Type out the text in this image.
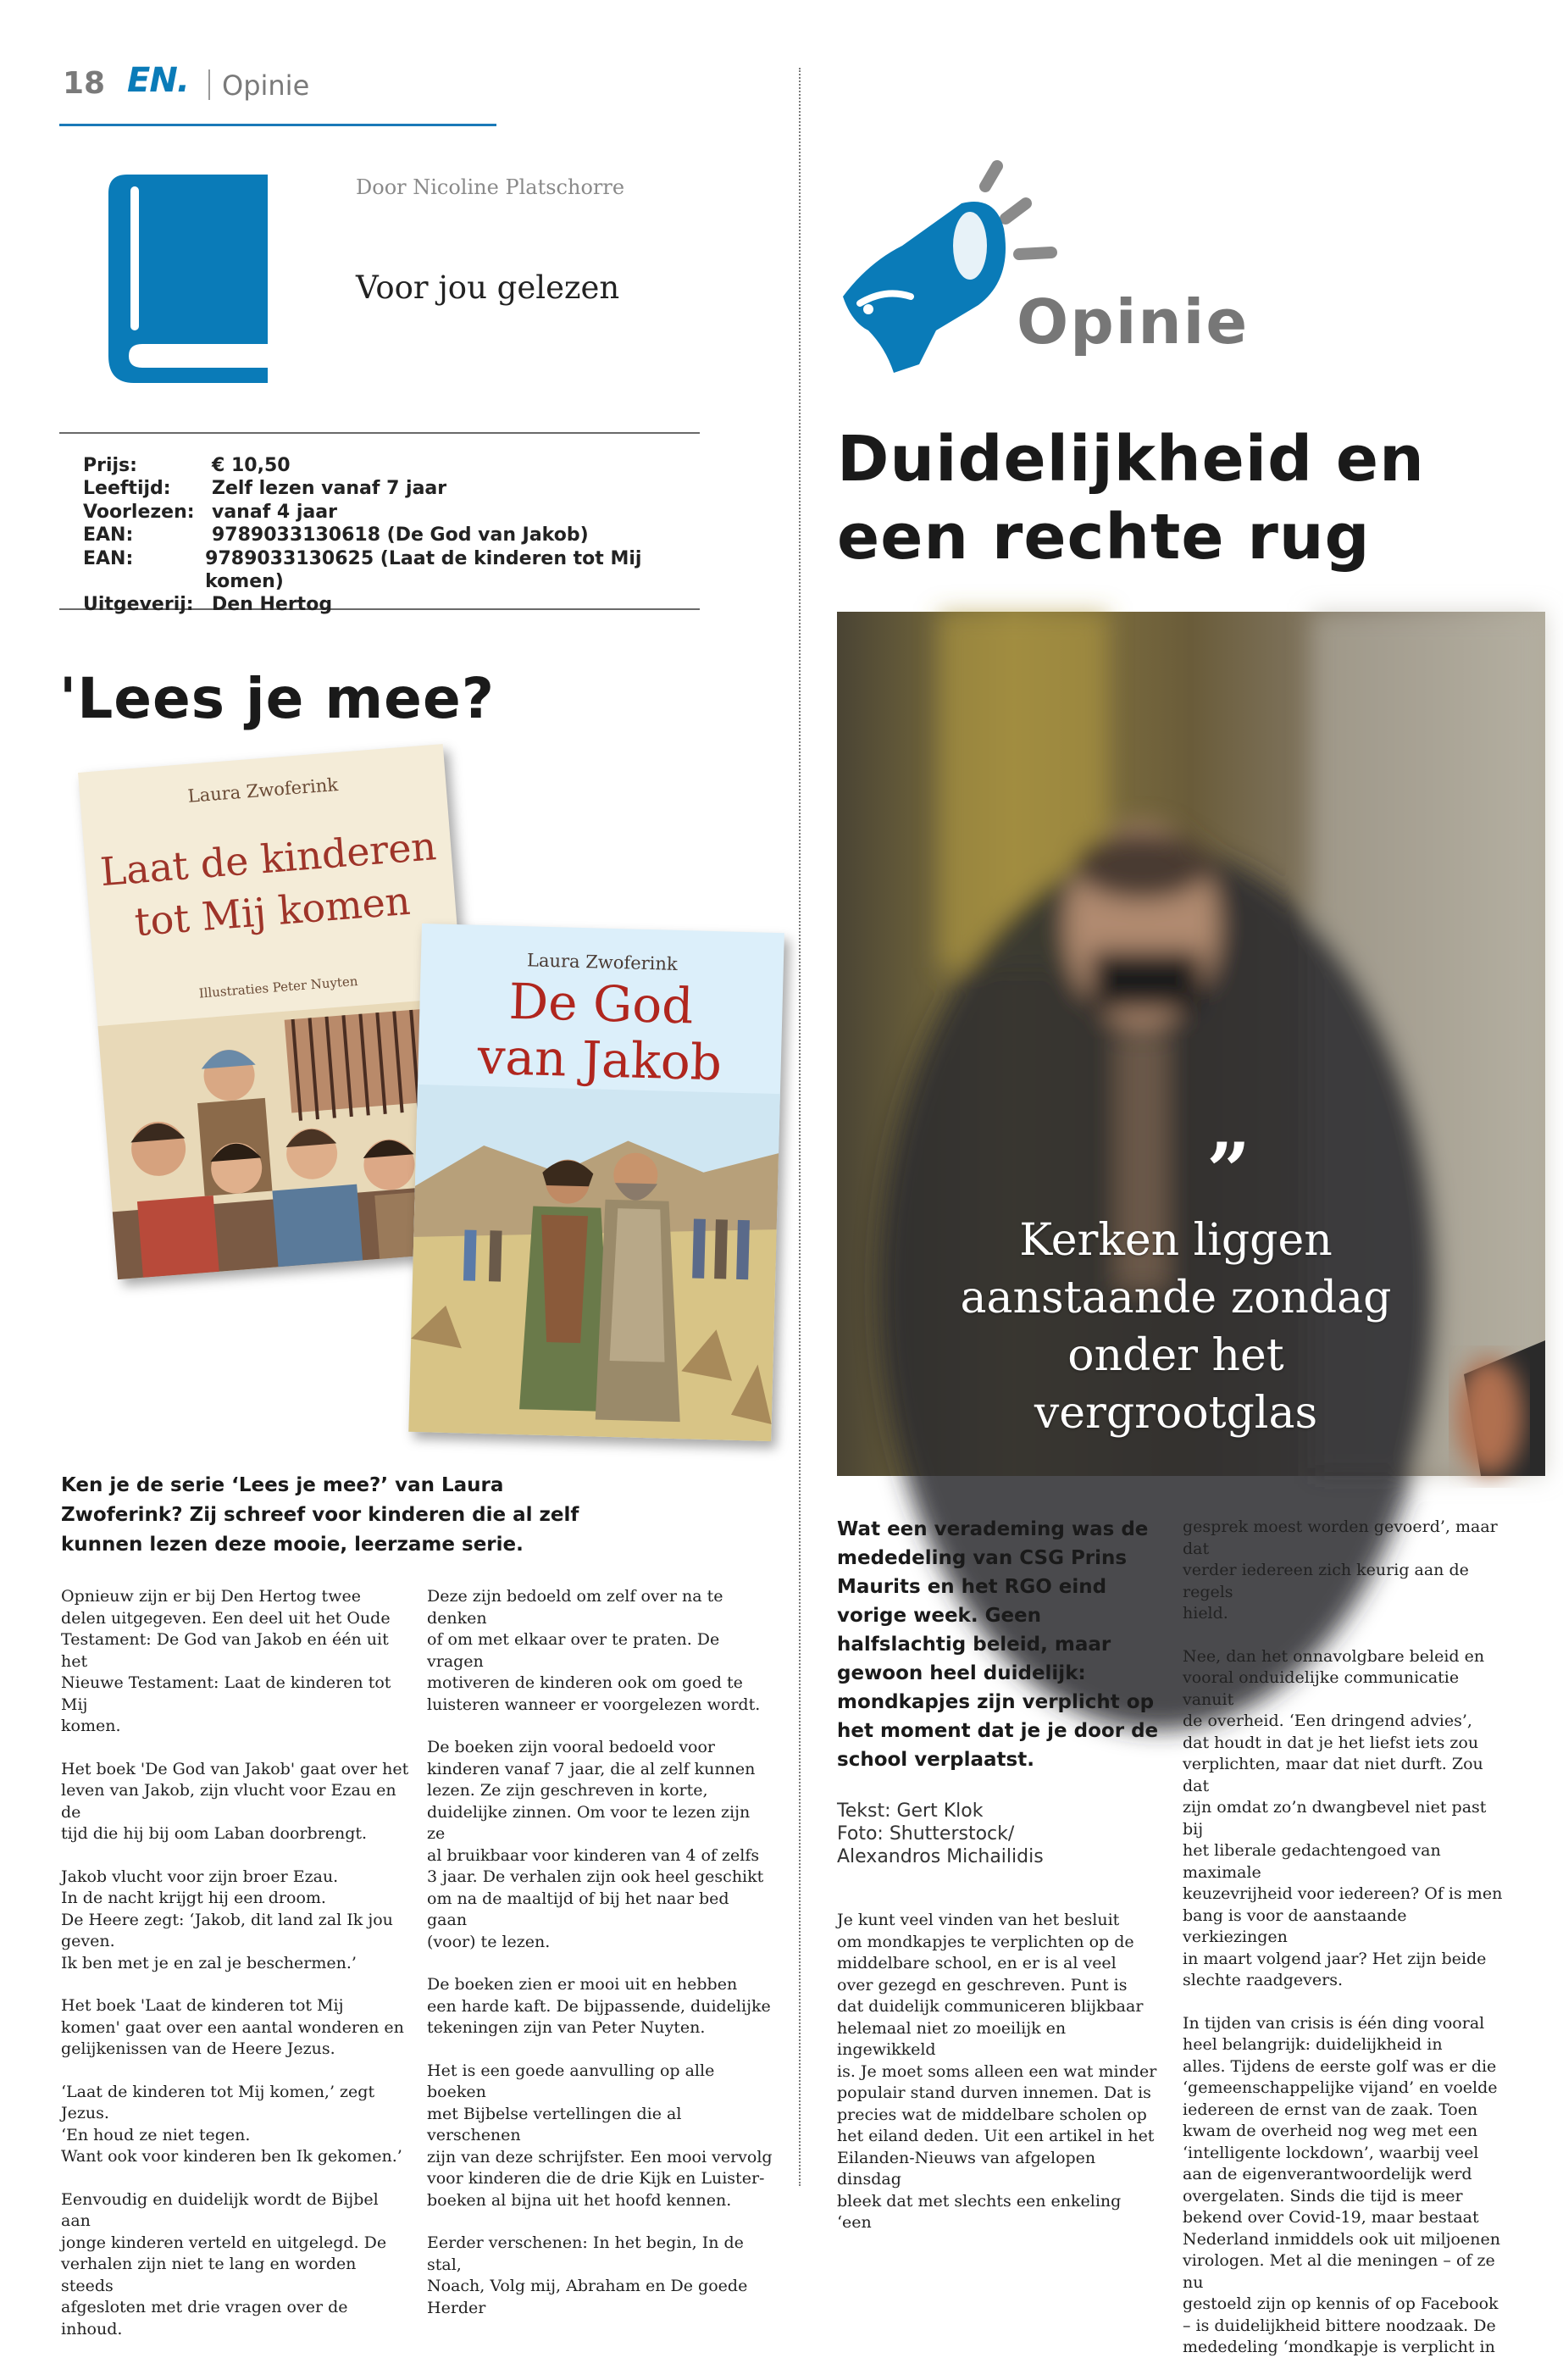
18 EN. Opinie
Door Nicoline Platschorre
Voor jou gelezen
Prijs:	€ 10,50
Leeftijd:	Zelf lezen vanaf 7 jaar
Voorlezen: vanaf 4 jaar
EAN:	9789033130618 (De God van Jakob)
EAN:	9789033130625 (Laat de kinderen tot Mij komen)
Uitgeverij: Den Hertog
'Lees je mee?
Laura Zwoferink
Laat de kinderen
tot Mij komen
Illustraties Peter Nuyten
Laura Zwoferink
De God
van Jakob
Ken je de serie ‘Lees je mee?’ van Laura Zwoferink? Zij schreef voor kinderen die al zelf kunnen lezen deze mooie, leerzame serie.

Opnieuw zijn er bij Den Hertog twee
delen uitgegeven. Een deel uit het Oude
Testament: De God van Jakob en één uit het
Nieuwe Testament: Laat de kinderen tot Mij
komen.

Het boek 'De God van Jakob' gaat over het
leven van Jakob, zijn vlucht voor Ezau en de
tijd die hij bij oom Laban doorbrengt.

Jakob vlucht voor zijn broer Ezau.
In de nacht krijgt hij een droom.
De Heere zegt: ‘Jakob, dit land zal Ik jou
geven.
Ik ben met je en zal je beschermen.’

Het boek 'Laat de kinderen tot Mij
komen' gaat over een aantal wonderen en
gelijkenissen van de Heere Jezus.

‘Laat de kinderen tot Mij komen,’ zegt Jezus.
‘En houd ze niet tegen.
Want ook voor kinderen ben Ik gekomen.’

Eenvoudig en duidelijk wordt de Bijbel aan
jonge kinderen verteld en uitgelegd. De
verhalen zijn niet te lang en worden steeds
afgesloten met drie vragen over de inhoud.

Deze zijn bedoeld om zelf over na te denken
of om met elkaar over te praten. De vragen
motiveren de kinderen ook om goed te
luisteren wanneer er voorgelezen wordt.

De boeken zijn vooral bedoeld voor
kinderen vanaf 7 jaar, die al zelf kunnen
lezen. Ze zijn geschreven in korte,
duidelijke zinnen. Om voor te lezen zijn ze
al bruikbaar voor kinderen van 4 of zelfs
3 jaar. De verhalen zijn ook heel geschikt
om na de maaltijd of bij het naar bed gaan
(voor) te lezen.

De boeken zien er mooi uit en hebben
een harde kaft. De bijpassende, duidelijke
tekeningen zijn van Peter Nuyten.

Het is een goede aanvulling op alle boeken
met Bijbelse vertellingen die al verschenen
zijn van deze schrijfster. Een mooi vervolg
voor kinderen die de drie Kijk en Luister-
boeken al bijna uit het hoofd kennen.

Eerder verschenen: In het begin, In de stal,
Noach, Volg mij, Abraham en De goede
Herder

Opinie
Duidelijkheid en
een rechte rug
”
Kerken liggen aanstaande zondag onder het vergrootglas
Wat een verademing was de mededeling van CSG Prins Maurits en het RGO eind vorige week. Geen halfslachtig beleid, maar gewoon heel duidelijk: mondkapjes zijn verplicht op het moment dat je je door de school verplaatst.
Tekst: Gert Klok
Foto: Shutterstock/
Alexandros Michailidis

Je kunt veel vinden van het besluit
om mondkapjes te verplichten op de
middelbare school, en er is al veel
over gezegd en geschreven. Punt is
dat duidelijk communiceren blijkbaar
helemaal niet zo moeilijk en ingewikkeld
is. Je moet soms alleen een wat minder
populair stand durven innemen. Dat is
precies wat de middelbare scholen op
het eiland deden. Uit een artikel in het
Eilanden-Nieuws van afgelopen dinsdag
bleek dat met slechts een enkeling ‘een

gesprek moest worden gevoerd’, maar dat
verder iedereen zich keurig aan de regels
hield.

Nee, dan het onnavolgbare beleid en
vooral onduidelijke communicatie vanuit
de overheid. ‘Een dringend advies’,
dat houdt in dat je het liefst iets zou
verplichten, maar dat niet durft. Zou dat
zijn omdat zo’n dwangbevel niet past bij
het liberale gedachtengoed van maximale
keuzevrijheid voor iedereen? Of is men
bang is voor de aanstaande verkiezingen
in maart volgend jaar? Het zijn beide
slechte raadgevers.

In tijden van crisis is één ding vooral
heel belangrijk: duidelijkheid in
alles. Tijdens de eerste golf was er die
‘gemeenschappelijke vijand’ en voelde
iedereen de ernst van de zaak. Toen
kwam de overheid nog weg met een
‘intelligente lockdown’, waarbij veel
aan de eigenverantwoordelijk werd
overgelaten. Sinds die tijd is meer
bekend over Covid-19, maar bestaat
Nederland inmiddels ook uit miljoenen
virologen. Met al die meningen – of ze nu
gestoeld zijn op kennis of op Facebook
– is duidelijkheid bittere noodzaak. De
mededeling ‘mondkapje is verplicht in
